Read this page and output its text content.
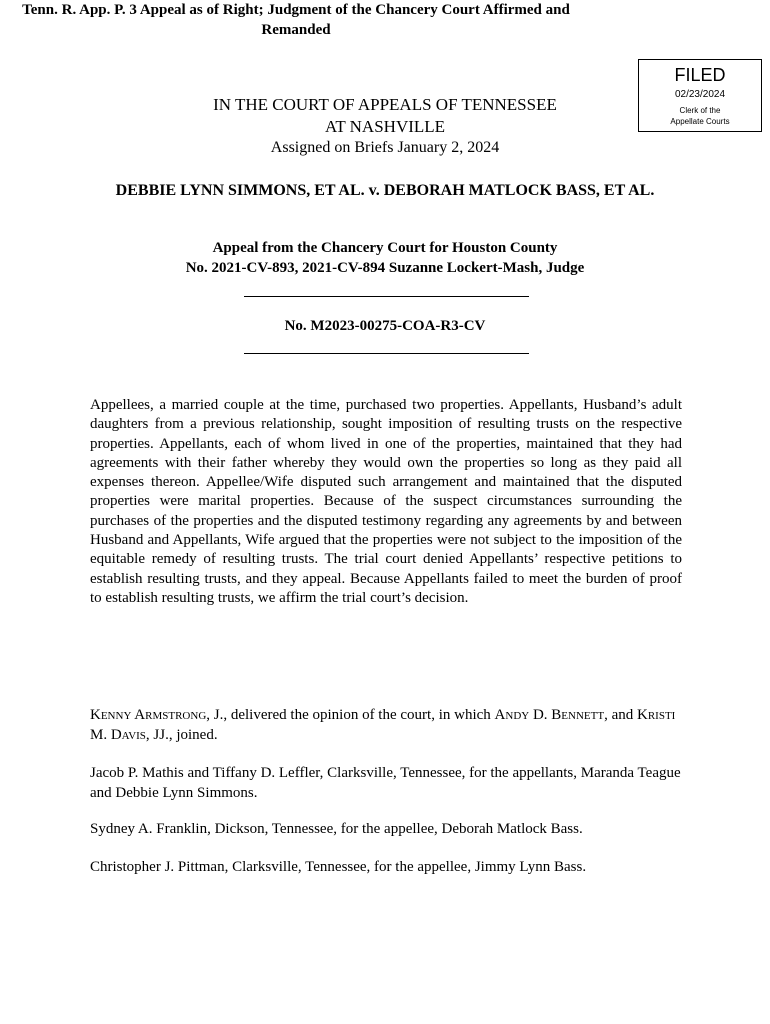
FILED
02/23/2024
Clerk of the
Appellate Courts
IN THE COURT OF APPEALS OF TENNESSEE
AT NASHVILLE
Assigned on Briefs January 2, 2024
DEBBIE LYNN SIMMONS, ET AL. v. DEBORAH MATLOCK BASS, ET AL.
Appeal from the Chancery Court for Houston County
No. 2021-CV-893, 2021-CV-894 Suzanne Lockert-Mash, Judge
No. M2023-00275-COA-R3-CV
Appellees, a married couple at the time, purchased two properties. Appellants, Husband’s adult daughters from a previous relationship, sought imposition of resulting trusts on the respective properties. Appellants, each of whom lived in one of the properties, maintained that they had agreements with their father whereby they would own the properties so long as they paid all expenses thereon. Appellee/Wife disputed such arrangement and maintained that the disputed properties were marital properties. Because of the suspect circumstances surrounding the purchases of the properties and the disputed testimony regarding any agreements by and between Husband and Appellants, Wife argued that the properties were not subject to the imposition of the equitable remedy of resulting trusts. The trial court denied Appellants’ respective petitions to establish resulting trusts, and they appeal. Because Appellants failed to meet the burden of proof to establish resulting trusts, we affirm the trial court’s decision.
Tenn. R. App. P. 3 Appeal as of Right; Judgment of the Chancery Court Affirmed and Remanded
Kenny Armstrong, J., delivered the opinion of the court, in which Andy D. Bennett, and Kristi M. Davis, JJ., joined.
Jacob P. Mathis and Tiffany D. Leffler, Clarksville, Tennessee, for the appellants, Maranda Teague and Debbie Lynn Simmons.
Sydney A. Franklin, Dickson, Tennessee, for the appellee, Deborah Matlock Bass.
Christopher J. Pittman, Clarksville, Tennessee, for the appellee, Jimmy Lynn Bass.
